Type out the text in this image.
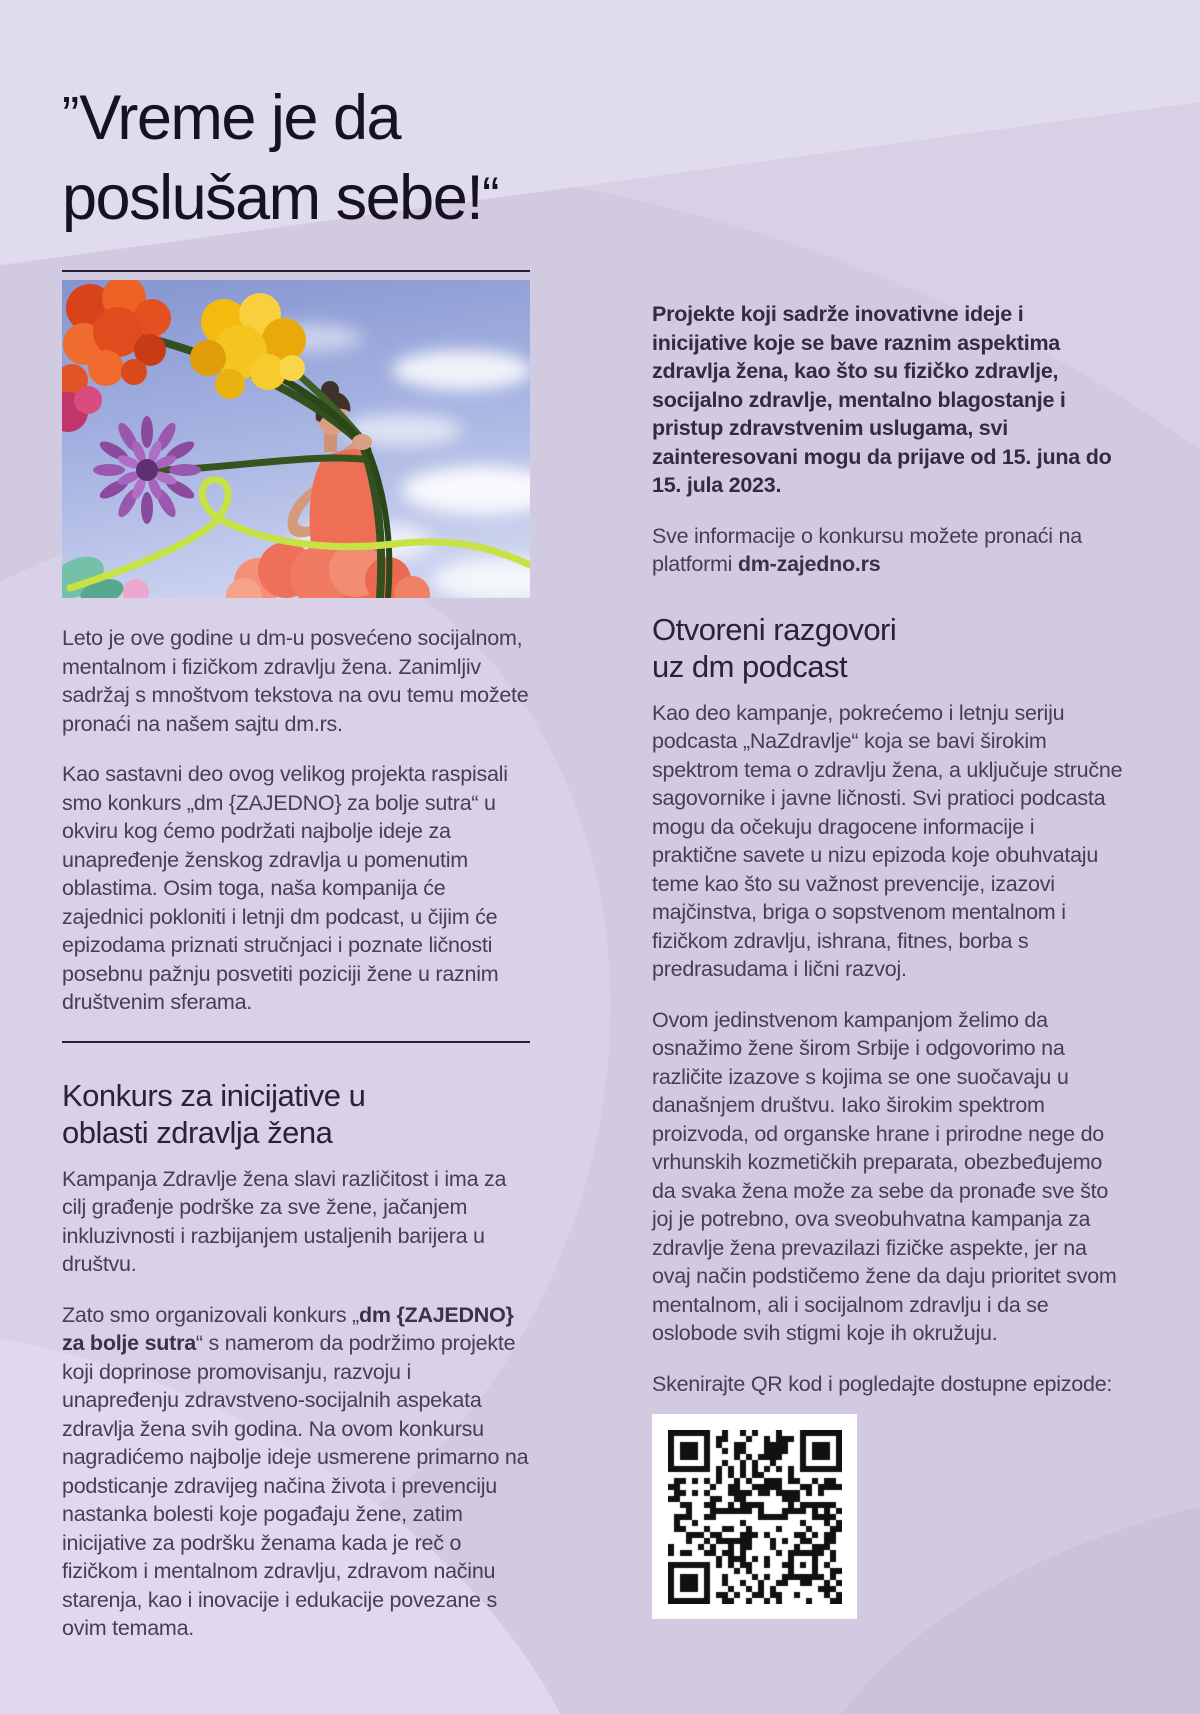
”Vreme je da
poslušam sebe!“

Leto je ove godine u dm-u posvećeno socijalnom, mentalnom i fizičkom zdravlju žena. Zanimljiv sadržaj s mnoštvom tekstova na ovu temu možete pronaći na našem sajtu dm.rs.

Kao sastavni deo ovog velikog projekta raspisali smo konkurs „dm {ZAJEDNO} za bolje sutra“ u okviru kog ćemo podržati najbolje ideje za unapređenje ženskog zdravlja u pomenutim oblastima. Osim toga, naša kompanija će zajednici pokloniti i letnji dm podcast, u čijim će epizodama priznati stručnjaci i poznate ličnosti posebnu pažnju posvetiti poziciji žene u raznim društvenim sferama.

Konkurs za inicijative u
oblasti zdravlja žena

Kampanja Zdravlje žena slavi različitost i ima za cilj građenje podrške za sve žene, jačanjem inkluzivnosti i razbijanjem ustaljenih barijera u društvu.

Zato smo organizovali konkurs „dm {ZAJEDNO} za bolje sutra“ s namerom da podržimo projekte koji doprinose promovisanju, razvoju i unapređenju zdravstveno-socijalnih aspekata zdravlja žena svih godina. Na ovom konkursu nagradićemo najbolje ideje usmerene primarno na podsticanje zdravijeg načina života i prevenciju nastanka bolesti koje pogađaju žene, zatim inicijative za podršku ženama kada je reč o fizičkom i mentalnom zdravlju, zdravom načinu starenja, kao i inovacije i edukacije povezane s ovim temama.

Projekte koji sadrže inovativne ideje i inicijative koje se bave raznim aspektima zdravlja žena, kao što su fizičko zdravlje, socijalno zdravlje, mentalno blagostanje i pristup zdravstvenim uslugama, svi zainteresovani mogu da prijave od 15. juna do 15. jula 2023.

Sve informacije o konkursu možete pronaći na platformi dm-zajedno.rs

Otvoreni razgovori
uz dm podcast

Kao deo kampanje, pokrećemo i letnju seriju podcasta „NaZdravlje“ koja se bavi širokim spektrom tema o zdravlju žena, a uključuje stručne sagovornike i javne ličnosti. Svi pratioci podcasta mogu da očekuju dragocene informacije i praktične savete u nizu epizoda koje obuhvataju teme kao što su važnost prevencije, izazovi majčinstva, briga o sopstvenom mentalnom i fizičkom zdravlju, ishrana, fitnes, borba s predrasudama i lični razvoj.

Ovom jedinstvenom kampanjom želimo da osnažimo žene širom Srbije i odgovorimo na različite izazove s kojima se one suočavaju u današnjem društvu. Iako širokim spektrom proizvoda, od organske hrane i prirodne nege do vrhunskih kozmetičkih preparata, obezbeđujemo da svaka žena može za sebe da pronađe sve što joj je potrebno, ova sveobuhvatna kampanja za zdravlje žena prevazilazi fizičke aspekte, jer na ovaj način podstičemo žene da daju prioritet svom mentalnom, ali i socijalnom zdravlju i da se oslobode svih stigmi koje ih okružuju.

Skenirajte QR kod i pogledajte dostupne epizode:
